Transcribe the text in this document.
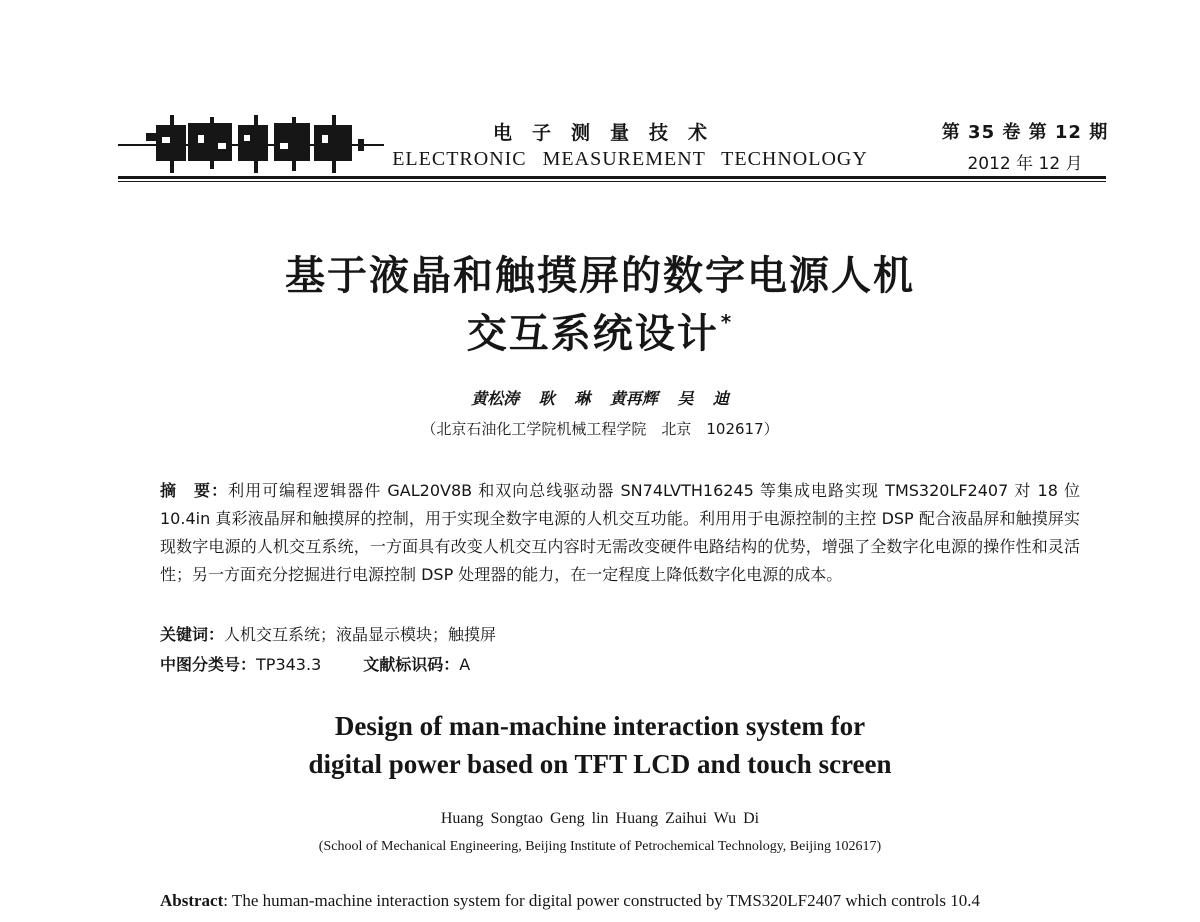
电子测量技术
ELECTRONIC MEASUREMENT TECHNOLOGY
第 35 卷 第 12 期
2012 年 12 月
基于液晶和触摸屏的数字电源人机
交互系统设计 *
黄松涛 耿 琳 黄再辉 吴 迪
（北京石油化工学院机械工程学院　北京　102617）
摘　要：利用可编程逻辑器件 GAL20V8B 和双向总线驱动器 SN74LVTH16245 等集成电路实现 TMS320LF2407 对 18 位 10.4in 真彩液晶屏和触摸屏的控制，用于实现全数字电源的人机交互功能。利用用于电源控制的主控 DSP 配合液晶屏和触摸屏实现数字电源的人机交互系统，一方面具有改变人机交互内容时无需改变硬件电路结构的优势，增强了全数字化电源的操作性和灵活性；另一方面充分挖掘进行电源控制 DSP 处理器的能力，在一定程度上降低数字化电源的成本。
关键词：人机交互系统；液晶显示模块；触摸屏
中图分类号：TP343.3	文献标识码：A
Design of man-machine interaction system for
digital power based on TFT LCD and touch screen
Huang Songtao Geng lin Huang Zaihui Wu Di
(School of Mechanical Engineering, Beijing Institute of Petrochemical Technology, Beijing 102617)
Abstract: The human-machine interaction system for digital power constructed by TMS320LF2407 which controls 10.4
